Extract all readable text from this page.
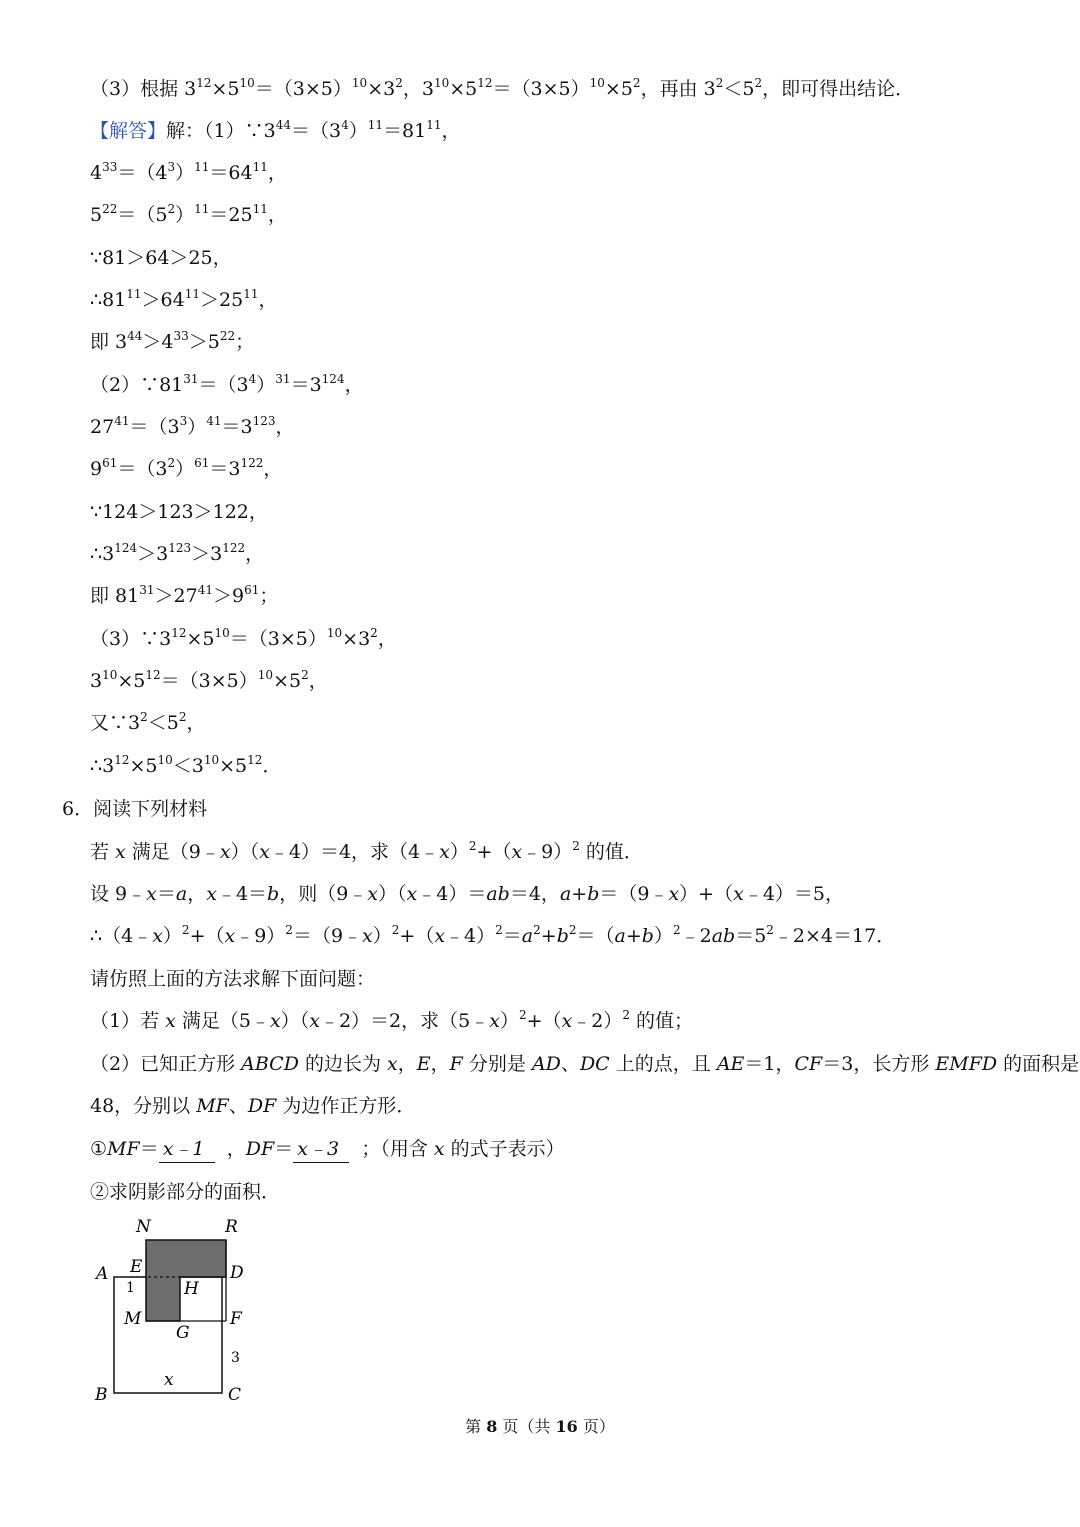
（3）根据 $3^{12}\times 5^{10}=(3\times 5)^{10}\times 3^2$，$3^{10}\times 5^{12}=(3\times 5)^{10}\times 5^2$，再由 $3^2<5^2$，即可得出结论．
【解答】解：$(1)\because 3^{44}=(3^4)^{11}=81^{11}$，
$4^{33}=(4^3)^{11}=64^{11}$，
$5^{22}=(5^2)^{11}=25^{11}$，
∵81＞64＞25，
$\therefore 81^{11}>64^{11}>25^{11}$，
即 $3^{44}>4^{33}>5^{22}$；
$(2)\because 81^{31}=(3^4)^{31}=3^{124}$，
$27^{41}=(3^3)^{41}=3^{123}$，
$9^{61}=(3^2)^{61}=3^{122}$，
∵124＞123＞122，
$\therefore 3^{124}>3^{123}>3^{122}$，
即 $81^{31}>27^{41}>9^{61}$；
$(3)\because 3^{12}\times 5^{10}=(3\times 5)^{10}\times 3^2$，
$3^{10}\times 5^{12}=(3\times 5)^{10}\times 5^2$，
又$\because 3^2<5^2$，
$\therefore 3^{12}\times 5^{10}<3^{10}\times 5^{12}$．
6．阅读下列材料
若 x 满足（9﹣x）（x﹣4）＝4，求（4﹣x）$^2$+（x﹣9）$^2$ 的值．
设 9﹣x＝a，x﹣4＝b，则（9﹣x）（x﹣4）＝ab＝4，a+b＝（9﹣x）+（x﹣4）＝5，
$\therefore(4﹣x)^2+(x﹣9)^2=(9﹣x)^2+(x﹣4)^2=a^2+b^2=(a+b)^2﹣2ab=5^2﹣2\times 4=17$．
请仿照上面的方法求解下面问题：
（1）若 x 满足（5﹣x）（x﹣2）＝2，求（5﹣x）$^2$+（x﹣2）$^2$ 的值；
（2）已知正方形 ABCD 的边长为 x，E，F 分别是 AD、DC 上的点，且 AE＝1，CF＝3，长方形 EMFD 的面积是
48，分别以 MF、DF 为边作正方形．
①MF＝ x﹣1  ，DF＝ x﹣3  ；（用含 x 的式子表示）
②求阴影部分的面积．
N	R
A E	D
1	H
M	F
G
3
B
x
C
第 8 页（共 16 页）
